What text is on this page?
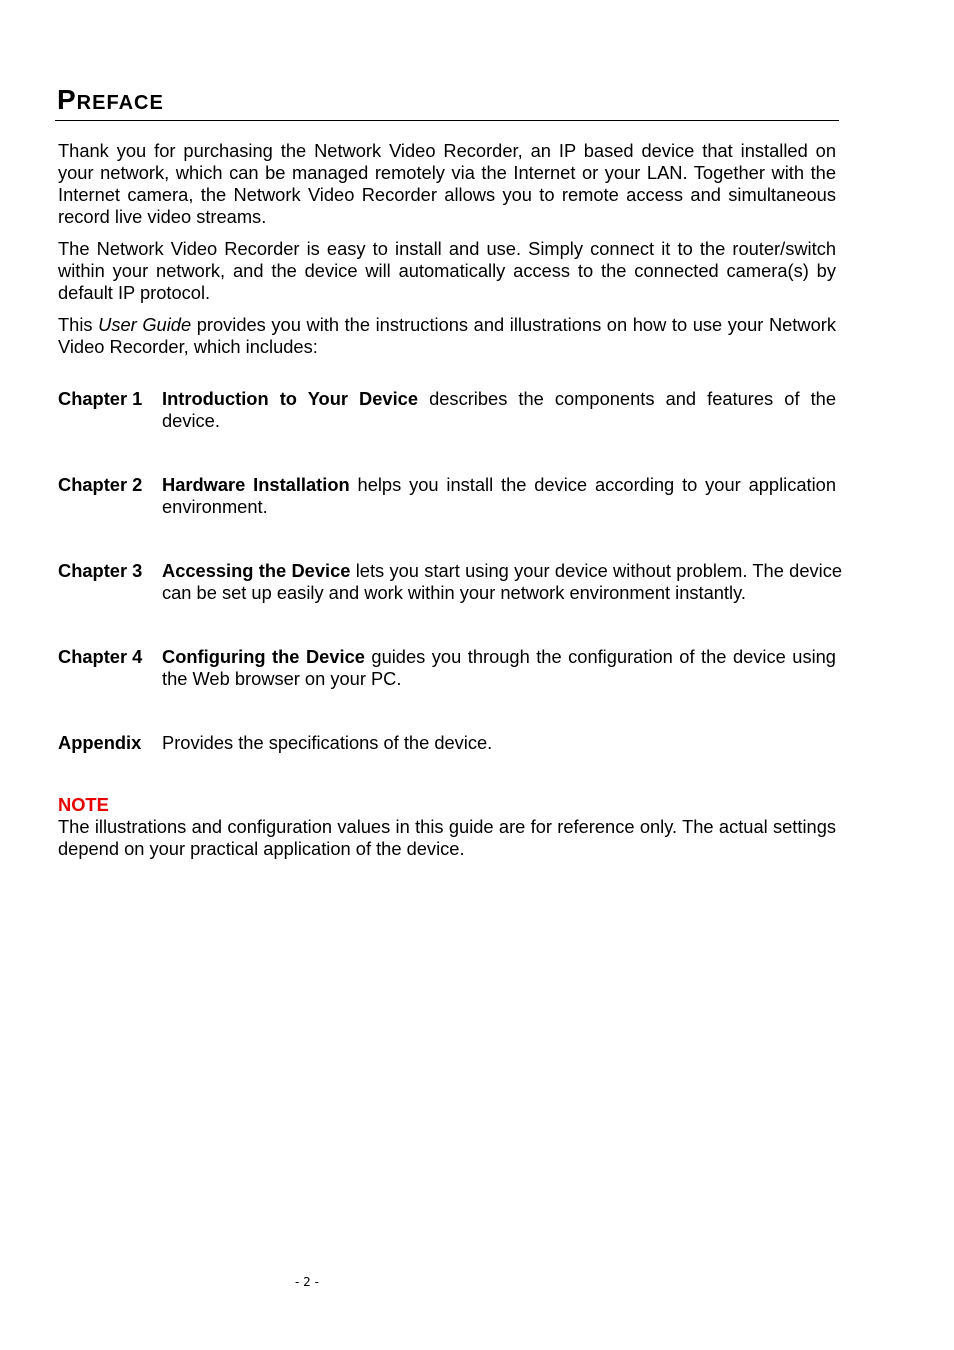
Preface

Thank you for purchasing the Network Video Recorder, an IP based device that installed on your network, which can be managed remotely via the Internet or your LAN. Together with the Internet camera, the Network Video Recorder allows you to remote access and simultaneous record live video streams.

The Network Video Recorder is easy to install and use. Simply connect it to the router/switch within your network, and the device will automatically access to the connected camera(s) by default IP protocol.

This User Guide provides you with the instructions and illustrations on how to use your Network Video Recorder, which includes:

Chapter 1	Introduction to Your Device describes the components and features of the device.
Chapter 2	Hardware Installation helps you install the device according to your application environment.
Chapter 3	Accessing the Device lets you start using your device without problem. The device can be set up easily and work within your network environment instantly.
Chapter 4	Configuring the Device guides you through the configuration of the device using the Web browser on your PC.
Appendix	Provides the specifications of the device.

NOTE

The illustrations and configuration values in this guide are for reference only. The actual settings depend on your practical application of the device.

- 2 -
